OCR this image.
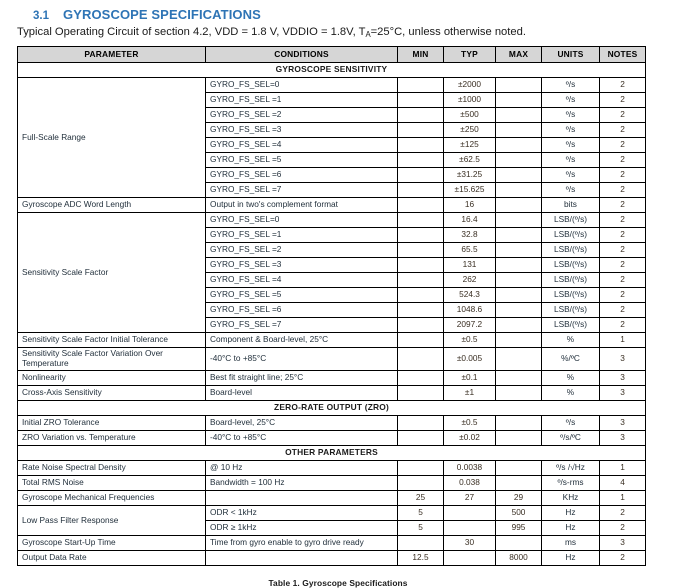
3.1	GYROSCOPE SPECIFICATIONS
Typical Operating Circuit of section 4.2, VDD = 1.8 V, VDDIO = 1.8V, $T_A=25^\circ C$, unless otherwise noted.
PARAMETER	CONDITIONS	MIN	TYP	MAX	UNITS	NOTES
GYROSCOPE SENSITIVITY						
Full-Scale Range	GYRO_FS_SEL=0		±2000		º/s	2
	GYRO_FS_SEL =1		±1000		º/s	2
	GYRO_FS_SEL =2		±500		º/s	2
	GYRO_FS_SEL =3		±250		º/s	2
	GYRO_FS_SEL =4		±125		º/s	2
	GYRO_FS_SEL =5		±62.5		º/s	2
	GYRO_FS_SEL =6		±31.25		º/s	2
	GYRO_FS_SEL =7		±15.625		º/s	2
Gyroscope ADC Word Length	Output in two's complement format		16		bits	2
Sensitivity Scale Factor	GYRO_FS_SEL=0		16.4		LSB/(º/s)	2
	GYRO_FS_SEL =1		32.8		LSB/(º/s)	2
	GYRO_FS_SEL =2		65.5		LSB/(º/s)	2
	GYRO_FS_SEL =3		131		LSB/(º/s)	2
	GYRO_FS_SEL =4		262		LSB/(º/s)	2
	GYRO_FS_SEL =5		524.3		LSB/(º/s)	2
	GYRO_FS_SEL =6		1048.6		LSB/(º/s)	2
	GYRO_FS_SEL =7		2097.2		LSB/(º/s)	2
Sensitivity Scale Factor Initial Tolerance	Component & Board-level, 25°C		±0.5		%	1
Sensitivity Scale Factor Variation Over Temperature	-40°C to +85°C		±0.005		%/ºC	3
Nonlinearity	Best fit straight line; 25°C		±0.1		%	3
Cross-Axis Sensitivity	Board-level		±1		%	3
ZERO-RATE OUTPUT (ZRO)						
Initial ZRO Tolerance	Board-level, 25°C		±0.5		º/s	3
ZRO Variation vs. Temperature	-40°C to +85°C		±0.02		º/s/ºC	3
OTHER PARAMETERS						
Rate Noise Spectral Density	@ 10 Hz		0.0038		º/s /√Hz	1
Total RMS Noise	Bandwidth = 100 Hz		0.038		º/s-rms	4
Gyroscope Mechanical Frequencies		25	27	29	KHz	1
Low Pass Filter Response	ODR < 1kHz	5		500	Hz	2
	ODR ≥ 1kHz	5		995	Hz	2
Gyroscope Start-Up Time	Time from gyro enable to gyro drive ready		30		ms	3
Output Data Rate		12.5		8000	Hz	2
Table 1. Gyroscope Specifications
